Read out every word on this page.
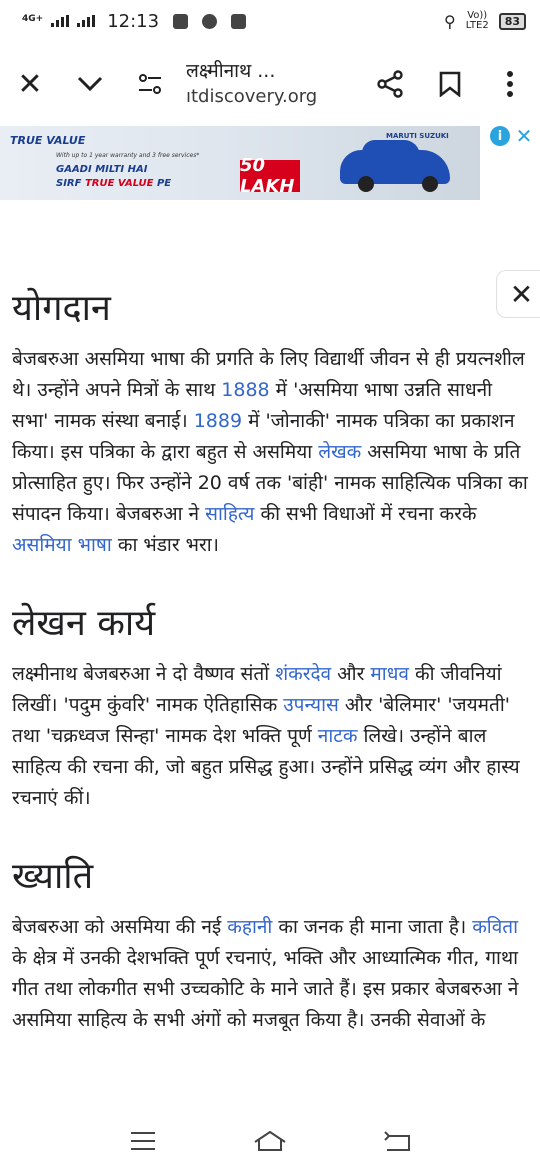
4G+	12:13	⚲ Vo))
LTE2	83
✕	लक्ष्मीनाथ ...
ıtdiscovery.org
TRUE VALUE
With up to 1 year warranty and 3 free services*
GAADI MILTI HAI
SIRF TRUE VALUE PE
50 LAKH
MARUTI SUZUKI	i ✕
योगदान

बेजबरुआ असमिया भाषा की प्रगति के लिए विद्यार्थी जीवन से ही प्रयत्नशील थे। उन्होंने अपने मित्रों के साथ 1888 में 'असमिया भाषा उन्नति साधनी सभा' नामक संस्था बनाई। 1889 में 'जोनाकी' नामक पत्रिका का प्रकाशन किया। इस पत्रिका के द्वारा बहुत से असमिया लेखक असमिया भाषा के प्रति प्रोत्साहित हुए। फिर उन्होंने 20 वर्ष तक 'बांही' नामक साहित्यिक पत्रिका का संपादन किया। बेजबरुआ ने साहित्य की सभी विधाओं में रचना करके असमिया भाषा का भंडार भरा।

लेखन कार्य

लक्ष्मीनाथ बेजबरुआ ने दो वैष्णव संतों शंकरदेव और माधव की जीवनियां लिखीं। 'पदुम कुंवरि' नामक ऐतिहासिक उपन्यास और 'बेलिमार' 'जयमती' तथा 'चक्रध्वज सिन्हा' नामक देश भक्ति पूर्ण नाटक लिखे। उन्होंने बाल साहित्य की रचना की, जो बहुत प्रसिद्ध हुआ। उन्होंने प्रसिद्ध व्यंग और हास्य रचनाएं कीं।

ख्याति

बेजबरुआ को असमिया की नई कहानी का जनक ही माना जाता है। कविता के क्षेत्र में उनकी देशभक्ति पूर्ण रचनाएं, भक्ति और आध्यात्मिक गीत, गाथा गीत तथा लोकगीत सभी उच्चकोटि के माने जाते हैं। इस प्रकार बेजबरुआ ने असमिया साहित्य के सभी अंगों को मजबूत किया है। उनकी सेवाओं के

✕
